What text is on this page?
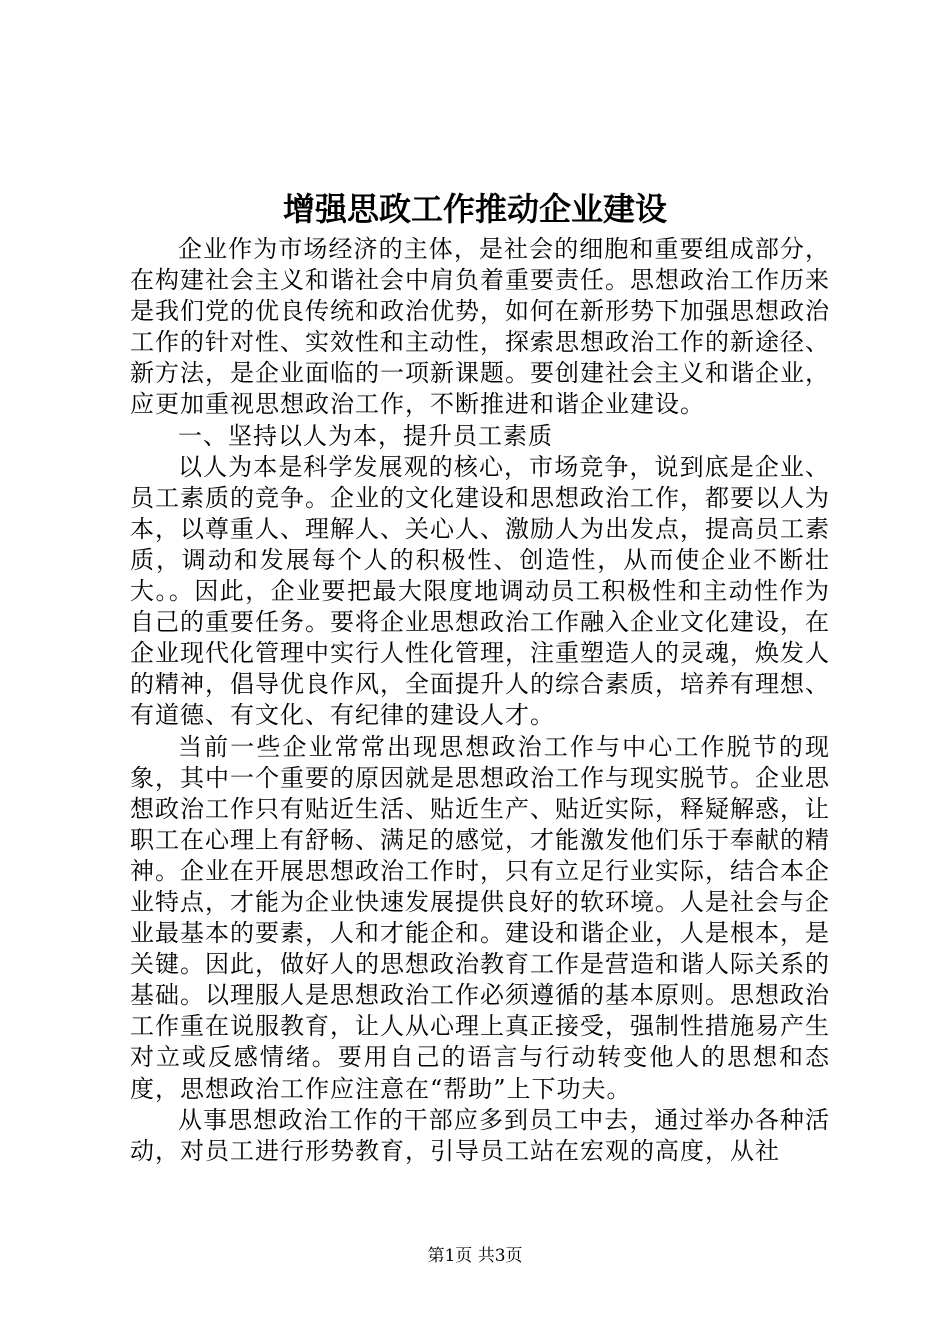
增强思政工作推动企业建设

企业作为市场经济的主体，是社会的细胞和重要组成部分，在构建社会主义和谐社会中肩负着重要责任。思想政治工作历来是我们党的优良传统和政治优势，如何在新形势下加强思想政治工作的针对性、实效性和主动性，探索思想政治工作的新途径、新方法，是企业面临的一项新课题。要创建社会主义和谐企业，应更加重视思想政治工作，不断推进和谐企业建设。

一、坚持以人为本，提升员工素质

以人为本是科学发展观的核心，市场竞争，说到底是企业、员工素质的竞争。企业的文化建设和思想政治工作，都要以人为本，以尊重人、理解人、关心人、激励人为出发点，提高员工素质，调动和发展每个人的积极性、创造性，从而使企业不断壮大。。因此，企业要把最大限度地调动员工积极性和主动性作为自己的重要任务。要将企业思想政治工作融入企业文化建设，在企业现代化管理中实行人性化管理，注重塑造人的灵魂，焕发人的精神，倡导优良作风，全面提升人的综合素质，培养有理想、有道德、有文化、有纪律的建设人才。

当前一些企业常常出现思想政治工作与中心工作脱节的现象，其中一个重要的原因就是思想政治工作与现实脱节。企业思想政治工作只有贴近生活、贴近生产、贴近实际，释疑解惑，让职工在心理上有舒畅、满足的感觉，才能激发他们乐于奉献的精神。企业在开展思想政治工作时，只有立足行业实际，结合本企业特点，才能为企业快速发展提供良好的软环境。人是社会与企业最基本的要素，人和才能企和。建设和谐企业，人是根本，是关键。因此，做好人的思想政治教育工作是营造和谐人际关系的基础。以理服人是思想政治工作必须遵循的基本原则。思想政治工作重在说服教育，让人从心理上真正接受，强制性措施易产生对立或反感情绪。要用自己的语言与行动转变他人的思想和态度，思想政治工作应注意在“帮助”上下功夫。

从事思想政治工作的干部应多到员工中去，通过举办各种活动，对员工进行形势教育，引导员工站在宏观的高度，从社

第1页 共3页
